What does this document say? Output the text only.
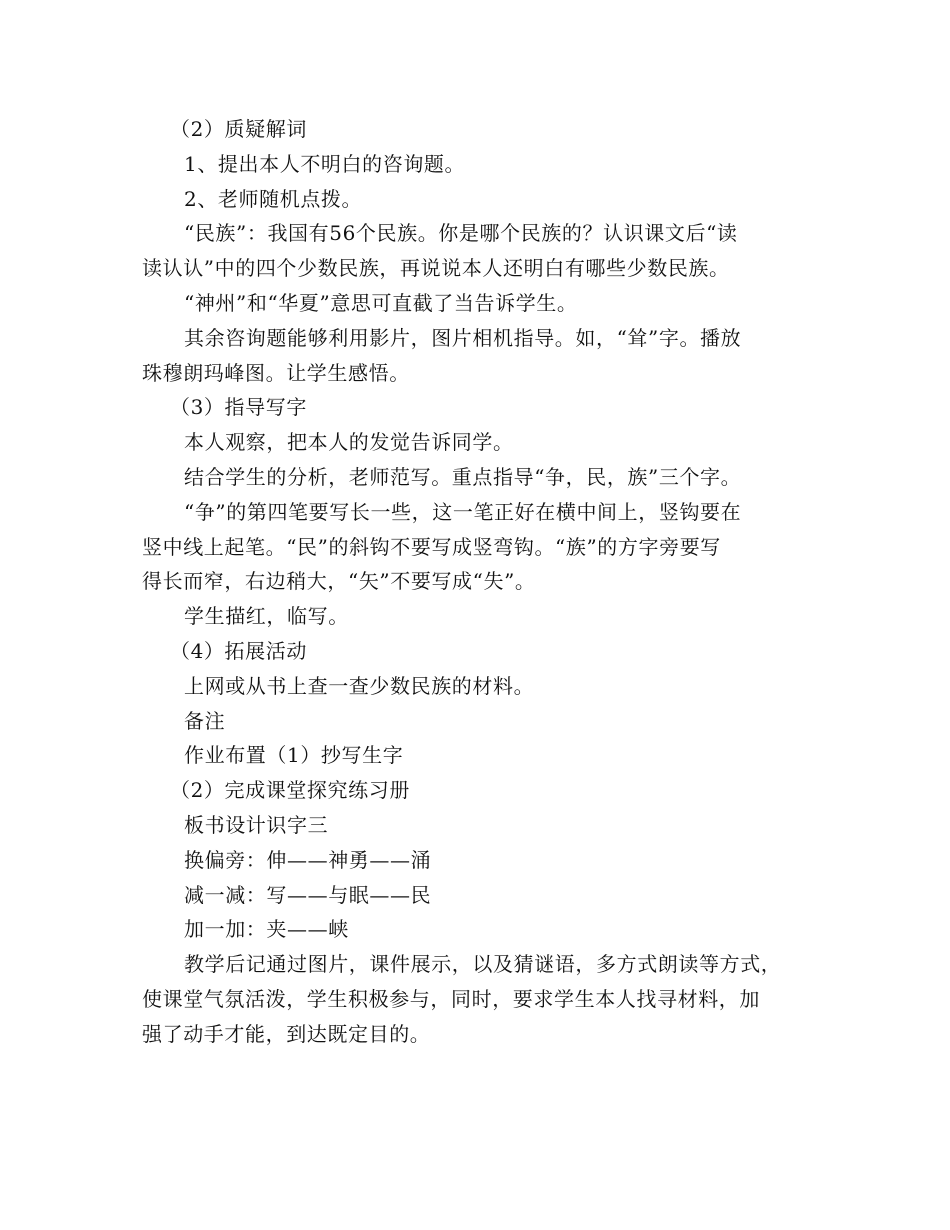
（2）质疑解词
1、提出本人不明白的咨询题。
2、老师随机点拨。
“民族”：我国有56个民族。你是哪个民族的？认识课文后“读
读认认”中的四个少数民族，再说说本人还明白有哪些少数民族。
“神州”和“华夏”意思可直截了当告诉学生。
其余咨询题能够利用影片，图片相机指导。如，“耸”字。播放
珠穆朗玛峰图。让学生感悟。
（3）指导写字
本人观察，把本人的发觉告诉同学。
结合学生的分析，老师范写。重点指导“争，民，族”三个字。
“争”的第四笔要写长一些，这一笔正好在横中间上，竖钩要在
竖中线上起笔。“民”的斜钩不要写成竖弯钩。“族”的方字旁要写
得长而窄，右边稍大，“矢”不要写成“失”。
学生描红，临写。
（4）拓展活动
上网或从书上查一查少数民族的材料。
备注
作业布置（1）抄写生字
（2）完成课堂探究练习册
板书设计识字三
换偏旁：伸——神勇——涌
减一减：写——与眠——民
加一加：夹——峡
教学后记通过图片，课件展示，以及猜谜语，多方式朗读等方式，
使课堂气氛活泼，学生积极参与，同时，要求学生本人找寻材料，加
强了动手才能，到达既定目的。
